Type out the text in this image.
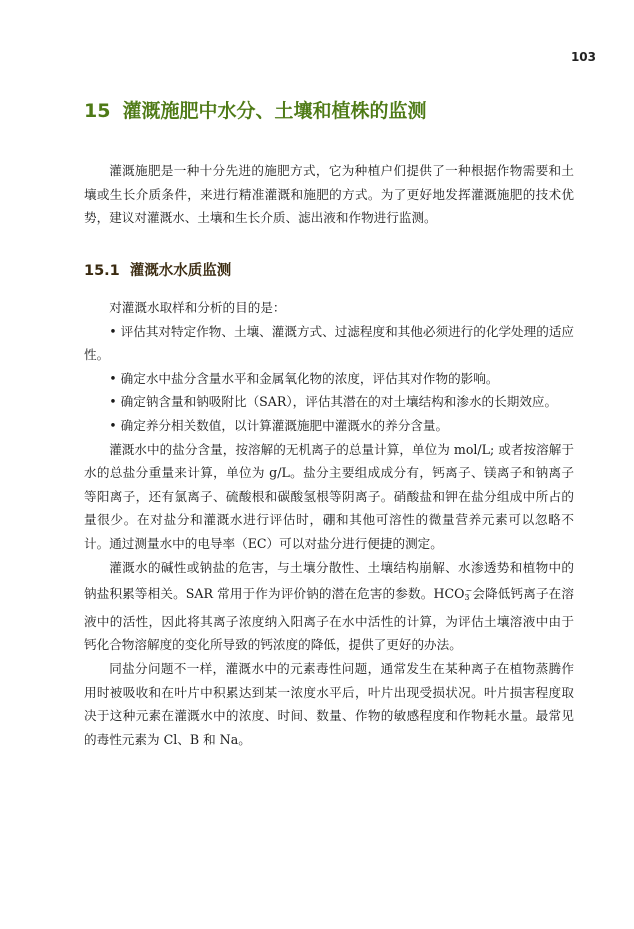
103
15 灌溉施肥中水分、土壤和植株的监测

灌溉施肥是一种十分先进的施肥方式，它为种植户们提供了一种根据作物需要和土壤或生长介质条件，来进行精准灌溉和施肥的方式。为了更好地发挥灌溉施肥的技术优势，建议对灌溉水、土壤和生长介质、滤出液和作物进行监测。

15.1 灌溉水水质监测

对灌溉水取样和分析的目的是：

• 评估其对特定作物、土壤、灌溉方式、过滤程度和其他必须进行的化学处理的适应性。

• 确定水中盐分含量水平和金属氧化物的浓度，评估其对作物的影响。

• 确定钠含量和钠吸附比（SAR），评估其潜在的对土壤结构和渗水的长期效应。

• 确定养分相关数值，以计算灌溉施肥中灌溉水的养分含量。

灌溉水中的盐分含量，按溶解的无机离子的总量计算，单位为 mol/L; 或者按溶解于水的总盐分重量来计算，单位为 g/L。盐分主要组成成分有，钙离子、镁离子和钠离子等阳离子，还有氯离子、硫酸根和碳酸氢根等阴离子。硝酸盐和钾在盐分组成中所占的量很少。在对盐分和灌溉水进行评估时，硼和其他可溶性的微量营养元素可以忽略不计。通过测量水中的电导率（EC）可以对盐分进行便捷的测定。

灌溉水的碱性或钠盐的危害，与土壤分散性、土壤结构崩解、水渗透势和植物中的钠盐积累等相关。SAR 常用于作为评价钠的潜在危害的参数。$HCO_3^-$会降低钙离子在溶液中的活性，因此将其离子浓度纳入阳离子在水中活性的计算，为评估土壤溶液中由于钙化合物溶解度的变化所导致的钙浓度的降低，提供了更好的办法。

同盐分问题不一样，灌溉水中的元素毒性问题，通常发生在某种离子在植物蒸腾作用时被吸收和在叶片中积累达到某一浓度水平后，叶片出现受损状况。叶片损害程度取决于这种元素在灌溉水中的浓度、时间、数量、作物的敏感程度和作物耗水量。最常见的毒性元素为 Cl、B 和 Na。
